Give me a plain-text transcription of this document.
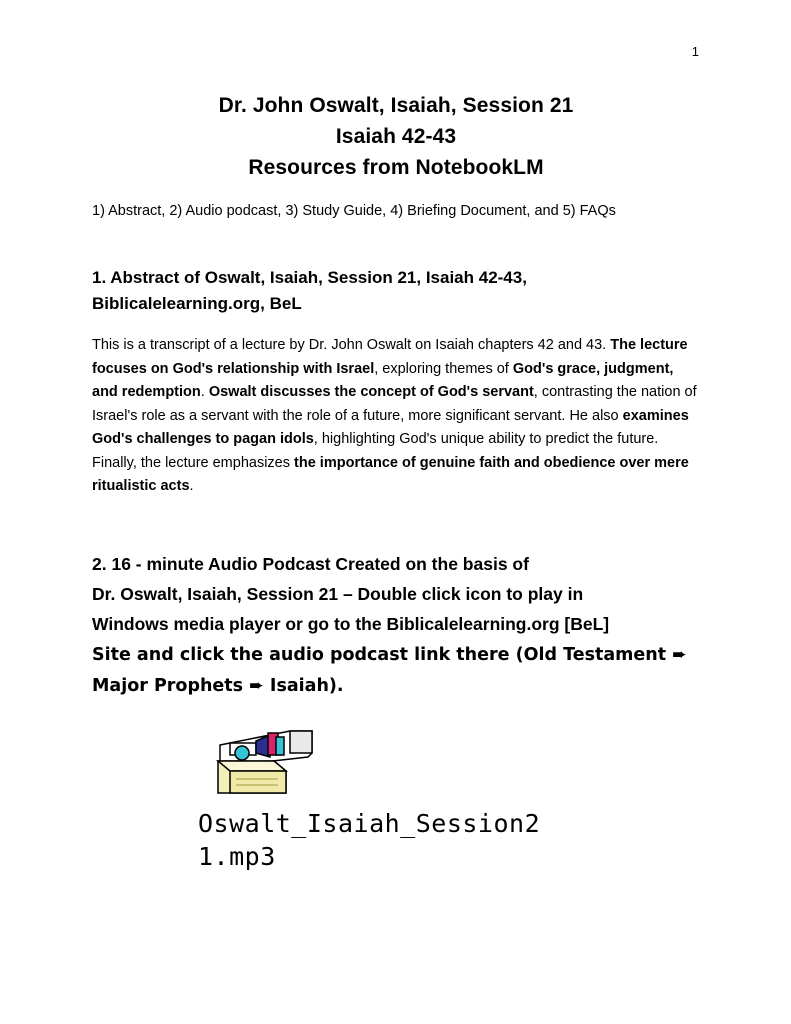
1
Dr. John Oswalt, Isaiah, Session 21
Isaiah 42-43
Resources from NotebookLM
1) Abstract, 2) Audio podcast, 3) Study Guide, 4) Briefing Document, and 5) FAQs
1. Abstract of Oswalt, Isaiah, Session 21, Isaiah 42-43,
Biblicalelearning.org, BeL
This is a transcript of a lecture by Dr. John Oswalt on Isaiah chapters 42 and 43. The lecture focuses on God's relationship with Israel, exploring themes of God's grace, judgment, and redemption. Oswalt discusses the concept of God's servant, contrasting the nation of Israel's role as a servant with the role of a future, more significant servant. He also examines God's challenges to pagan idols, highlighting God's unique ability to predict the future. Finally, the lecture emphasizes the importance of genuine faith and obedience over mere ritualistic acts.
2. 16 - minute Audio Podcast Created on the basis of
Dr. Oswalt, Isaiah, Session 21 – Double click icon to play in
Windows media player or go to the Biblicalelearning.org [BeL]
Site and click the audio podcast link there (Old Testament ➨
Major Prophets ➨ Isaiah).
Oswalt_Isaiah_Session21.mp3
